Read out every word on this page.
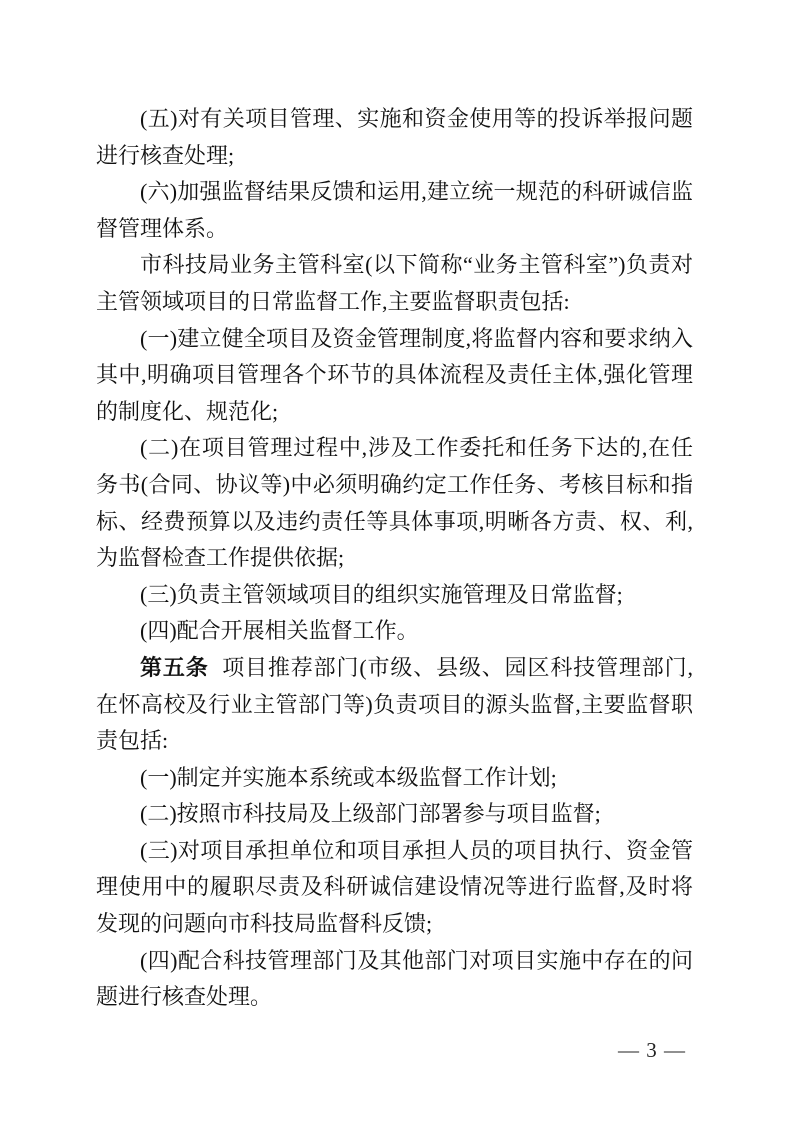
(五)对有关项目管理、实施和资金使用等的投诉举报问题进行核查处理;

(六)加强监督结果反馈和运用,建立统一规范的科研诚信监督管理体系。

市科技局业务主管科室(以下简称“业务主管科室”)负责对主管领域项目的日常监督工作,主要监督职责包括:

(一)建立健全项目及资金管理制度,将监督内容和要求纳入其中,明确项目管理各个环节的具体流程及责任主体,强化管理的制度化、规范化;

(二)在项目管理过程中,涉及工作委托和任务下达的,在任务书(合同、协议等)中必须明确约定工作任务、考核目标和指标、经费预算以及违约责任等具体事项,明晰各方责、权、利,为监督检查工作提供依据;

(三)负责主管领域项目的组织实施管理及日常监督;

(四)配合开展相关监督工作。

第五条 项目推荐部门(市级、县级、园区科技管理部门,在怀高校及行业主管部门等)负责项目的源头监督,主要监督职责包括:

(一)制定并实施本系统或本级监督工作计划;

(二)按照市科技局及上级部门部署参与项目监督;

(三)对项目承担单位和项目承担人员的项目执行、资金管理使用中的履职尽责及科研诚信建设情况等进行监督,及时将发现的问题向市科技局监督科反馈;

(四)配合科技管理部门及其他部门对项目实施中存在的问题进行核查处理。

— 3 —
